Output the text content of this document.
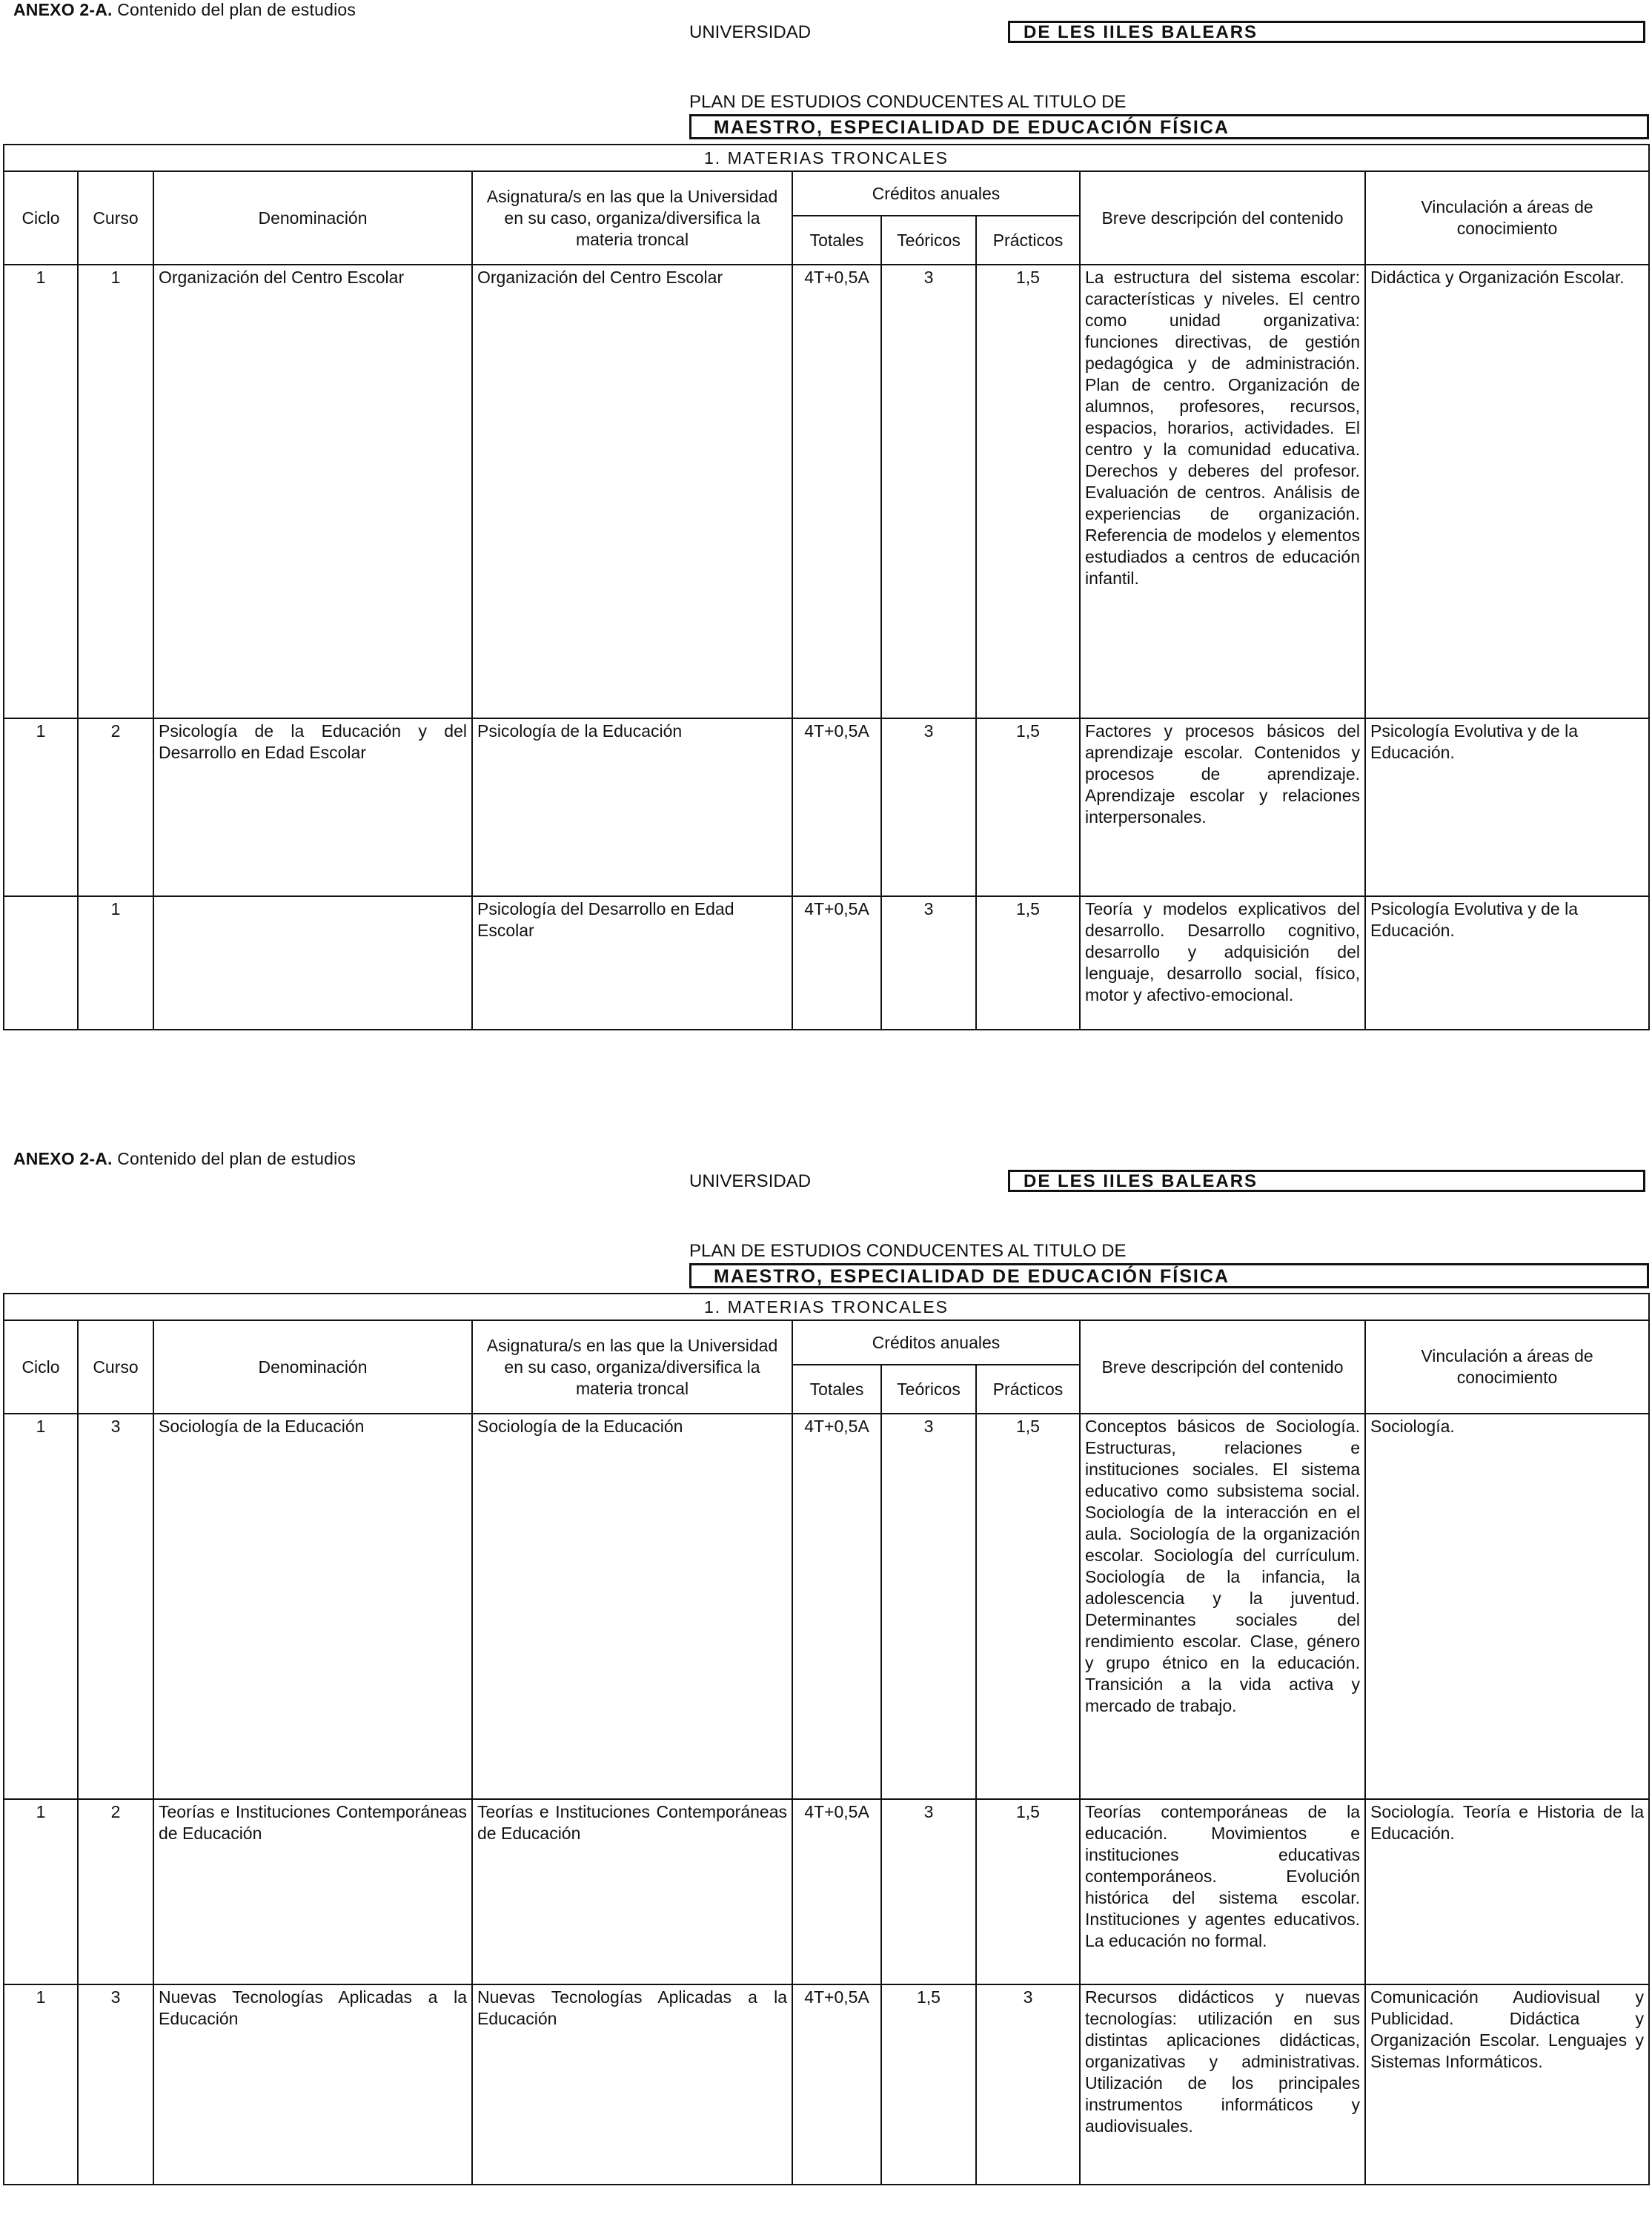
ANEXO 2-A. Contenido del plan de estudios
UNIVERSIDAD	DE LES IILES BALEARS
PLAN DE ESTUDIOS CONDUCENTES AL TITULO DE
MAESTRO, ESPECIALIDAD DE EDUCACIÓN FÍSICA
1. MATERIAS TRONCALES								
Ciclo	Curso	Denominación	Asignatura/s en las que la Universidad en su caso, organiza/diversifica la materia troncal	Créditos anuales			Breve descripción del contenido	Vinculación a áreas de conocimiento
				Totales	Teóricos	Prácticos		
1	1	Organización del Centro Escolar	Organización del Centro Escolar	4T+0,5A	3	1,5	La estructura del sistema escolar: características y niveles. El centro como unidad organizativa: funciones directivas, de gestión pedagógica y de administración. Plan de centro. Organización de alumnos, profesores, recursos, espacios, horarios, actividades. El centro y la comunidad educativa. Derechos y deberes del profesor. Evaluación de centros. Análisis de experiencias de organización. Referencia de modelos y elementos estudiados a centros de educación infantil.	Didáctica y Organización Escolar.
1	2	Psicología de la Educación y del Desarrollo en Edad Escolar	Psicología de la Educación	4T+0,5A	3	1,5	Factores y procesos básicos del aprendizaje escolar. Contenidos y procesos de aprendizaje. Aprendizaje escolar y relaciones interpersonales.	Psicología Evolutiva y de la Educación.
	1		Psicología del Desarrollo en Edad Escolar	4T+0,5A	3	1,5	Teoría y modelos explicativos del desarrollo. Desarrollo cognitivo, desarrollo y adquisición del lenguaje, desarrollo social, físico, motor y afectivo-emocional.	Psicología Evolutiva y de la Educación.
ANEXO 2-A. Contenido del plan de estudios
UNIVERSIDAD	DE LES IILES BALEARS
PLAN DE ESTUDIOS CONDUCENTES AL TITULO DE
MAESTRO, ESPECIALIDAD DE EDUCACIÓN FÍSICA
1. MATERIAS TRONCALES								
Ciclo	Curso	Denominación	Asignatura/s en las que la Universidad en su caso, organiza/diversifica la materia troncal	Créditos anuales			Breve descripción del contenido	Vinculación a áreas de conocimiento
				Totales	Teóricos	Prácticos		
1	3	Sociología de la Educación	Sociología de la Educación	4T+0,5A	3	1,5	Conceptos básicos de Sociología. Estructuras, relaciones e instituciones sociales. El sistema educativo como subsistema social. Sociología de la interacción en el aula. Sociología de la organización escolar. Sociología del currículum. Sociología de la infancia, la adolescencia y la juventud. Determinantes sociales del rendimiento escolar. Clase, género y grupo étnico en la educación. Transición a la vida activa y mercado de trabajo.	Sociología.
1	2	Teorías e Instituciones Contemporáneas de Educación	Teorías e Instituciones Contemporáneas de Educación	4T+0,5A	3	1,5	Teorías contemporáneas de la educación. Movimientos e instituciones educativas contemporáneos. Evolución histórica del sistema escolar. Instituciones y agentes educativos. La educación no formal.	Sociología. Teoría e Historia de la Educación.
1	3	Nuevas Tecnologías Aplicadas a la Educación	Nuevas Tecnologías Aplicadas a la Educación	4T+0,5A	1,5	3	Recursos didácticos y nuevas tecnologías: utilización en sus distintas aplicaciones didácticas, organizativas y administrativas. Utilización de los principales instrumentos informáticos y audiovisuales.	Comunicación Audiovisual y Publicidad. Didáctica y Organización Escolar. Lenguajes y Sistemas Informáticos.
